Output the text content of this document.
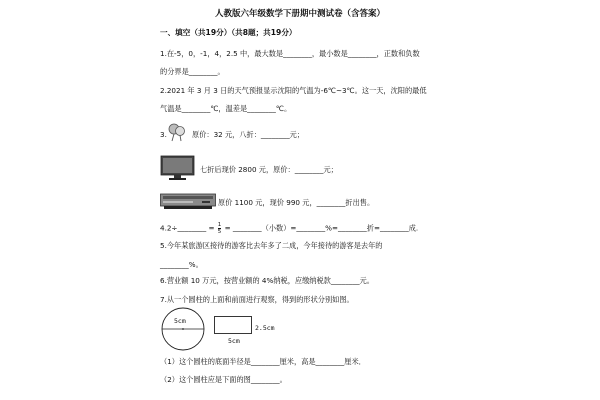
人教版六年级数学下册期中测试卷（含答案）
一、填空（共19分）（共8题；共19分）
1.在-5，0，-1，4，2.5 中，最大数是________，最小数是________，正数和负数
的分界是________。
2.2021 年 3 月 3 日的天气预报显示沈阳的气温为-6℃~3℃。这一天，沈阳的最低
气温是________℃，温差是________℃。
3.	原价：32 元，八折：________元；
七折后现价 2800 元，原价：________元；
原价 1100 元，现价 990 元，________折出售。
4.2÷________ = $\frac{1}{5}$ = ________（小数）=________%=________折=________成.
5.今年某旅游区接待的游客比去年多了二成，今年接待的游客是去年的
________%。
6.营业额 10 万元，按营业额的 4%纳税，应缴纳税款________元。
7.从一个圆柱的上面和前面进行观察，得到的形状分别如图。
5cm
2.5cm
5cm
（1）这个圆柱的底面半径是________厘米，高是________厘米．
（2）这个圆柱应是下面的图________。
